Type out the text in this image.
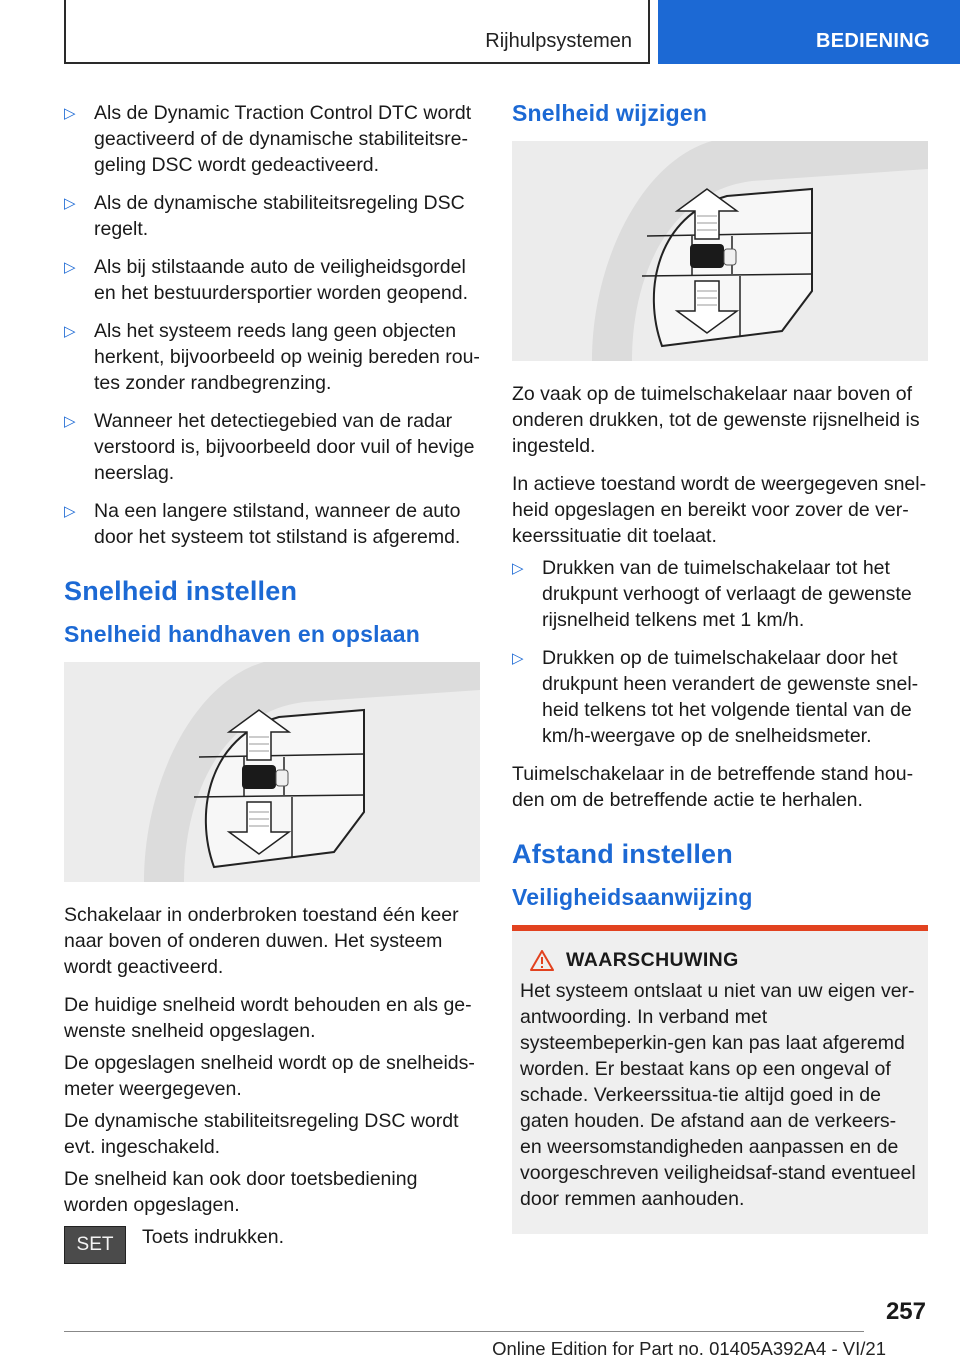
Rijhulpsystemen	BEDIENING
▷ Als de Dynamic Traction Control DTC wordt geactiveerd of de dynamische stabiliteitsre‐geling DSC wordt gedeactiveerd.
▷ Als de dynamische stabiliteitsregeling DSC regelt.
▷ Als bij stilstaande auto de veiligheidsgordel en het bestuurdersportier worden geopend.
▷ Als het systeem reeds lang geen objecten herkent, bijvoorbeeld op weinig bereden rou‐tes zonder randbegrenzing.
▷ Wanneer het detectiegebied van de radar verstoord is, bijvoorbeeld door vuil of hevige neerslag.
▷ Na een langere stilstand, wanneer de auto door het systeem tot stilstand is afgeremd.
Snelheid instellen
Snelheid handhaven en opslaan

Schakelaar in onderbroken toestand één keer naar boven of onderen duwen. Het systeem wordt geactiveerd.

De huidige snelheid wordt behouden en als ge‐wenste snelheid opgeslagen.

De opgeslagen snelheid wordt op de snelheids‐meter weergegeven.

De dynamische stabiliteitsregeling DSC wordt evt. ingeschakeld.

De snelheid kan ook door toetsbediening worden opgeslagen.

SET	Toets indrukken.
Snelheid wijzigen

Zo vaak op de tuimelschakelaar naar boven of onderen drukken, tot de gewenste rijsnelheid is ingesteld.

In actieve toestand wordt de weergegeven snel‐heid opgeslagen en bereikt voor zover de ver‐keerssituatie dit toelaat.

▷ Drukken van de tuimelschakelaar tot het drukpunt verhoogt of verlaagt de gewenste rijsnelheid telkens met 1 km/h.
▷ Drukken op de tuimelschakelaar door het drukpunt heen verandert de gewenste snel‐heid telkens tot het volgende tiental van de km/h-weergave op de snelheidsmeter.

Tuimelschakelaar in de betreffende stand hou‐den om de betreffende actie te herhalen.

Afstand instellen
Veiligheidsaanwijzing
WAARSCHUWING

Het systeem ontslaat u niet van uw eigen ver‐antwoording. In verband met systeembeperkin‐gen kan pas laat afgeremd worden. Er bestaat kans op een ongeval of schade. Verkeerssitua‐tie altijd goed in de gaten houden. De afstand aan de verkeers- en weersomstandigheden aanpassen en de voorgeschreven veiligheidsaf‐stand eventueel door remmen aanhouden.

257
Online Edition for Part no. 01405A392A4 - VI/21
